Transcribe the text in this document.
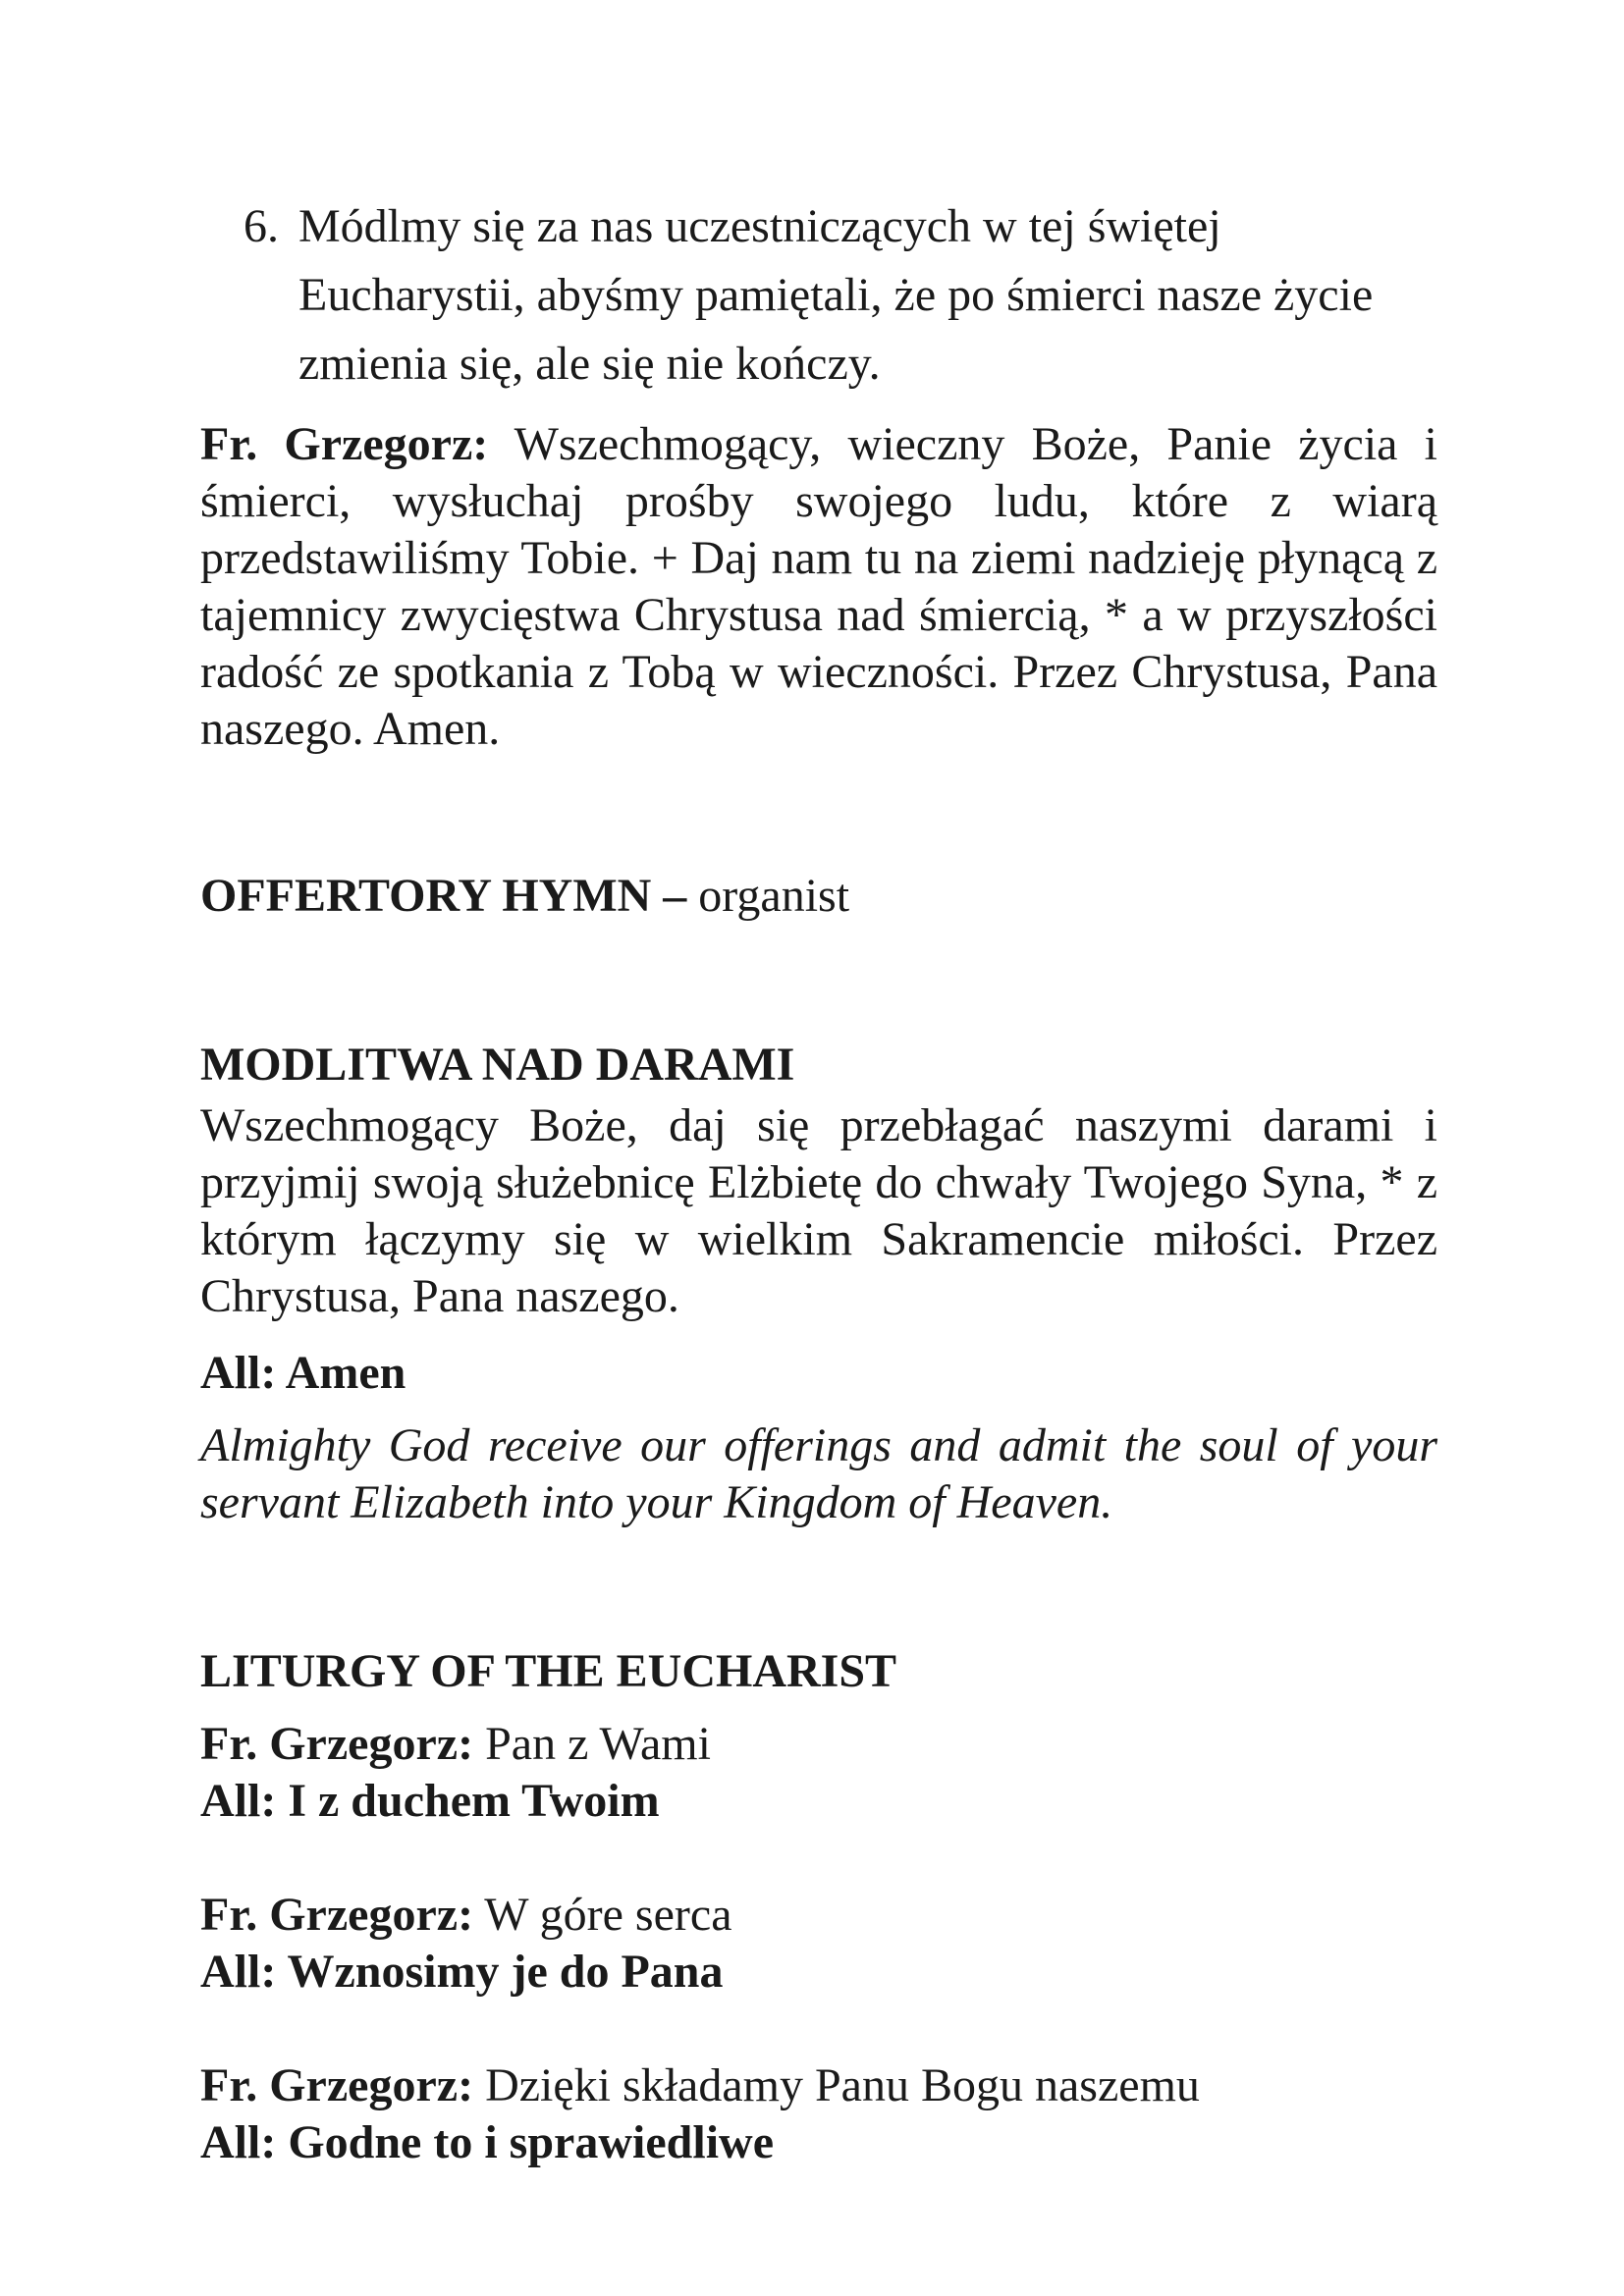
6. Módlmy się za nas uczestniczących w tej świętej Eucharystii, abyśmy pamiętali, że po śmierci nasze życie zmienia się, ale się nie kończy.

Fr. Grzegorz: Wszechmogący, wieczny Boże, Panie życia i śmierci, wysłuchaj prośby swojego ludu, które z wiarą przedstawiliśmy Tobie. + Daj nam tu na ziemi nadzieję płynącą z tajemnicy zwycięstwa Chrystusa nad śmiercią, * a w przyszłości radość ze spotkania z Tobą w wieczności. Przez Chrystusa, Pana naszego. Amen.

OFFERTORY HYMN – organist

MODLITWA NAD DARAMI

Wszechmogący Boże, daj się przebłagać naszymi darami i przyjmij swoją służebnicę Elżbietę do chwały Twojego Syna, * z którym łączymy się w wielkim Sakramencie miłości. Przez Chrystusa, Pana naszego.

All: Amen

Almighty God receive our offerings and admit the soul of your servant Elizabeth into your Kingdom of Heaven.

LITURGY OF THE EUCHARIST

Fr. Grzegorz: Pan z Wami

All: I z duchem Twoim

Fr. Grzegorz: W góre serca

All: Wznosimy je do Pana

Fr. Grzegorz: Dzięki składamy Panu Bogu naszemu

All: Godne to i sprawiedliwe
